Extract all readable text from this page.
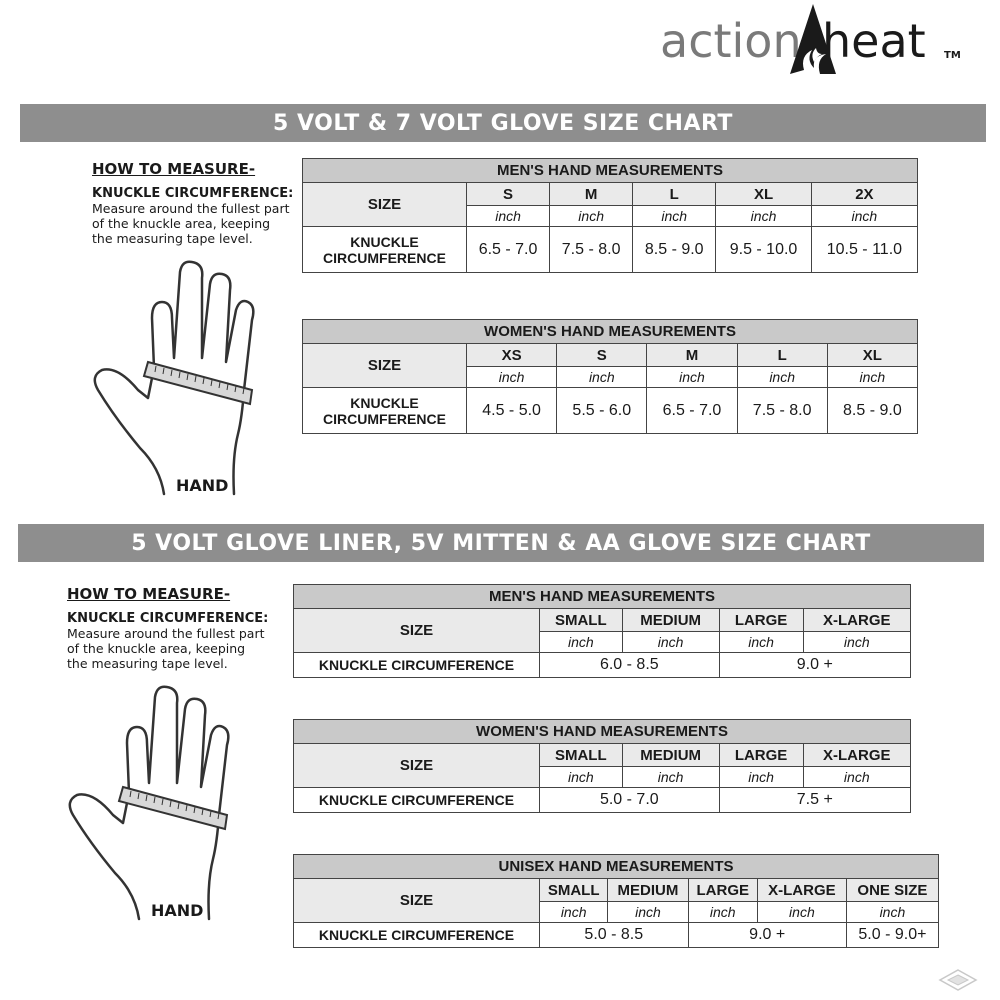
action heat TM
5 VOLT & 7 VOLT GLOVE SIZE CHART
HOW TO MEASURE-
KNUCKLE CIRCUMFERENCE:
Measure around the fullest part of the knuckle area, keeping the measuring tape level.
HAND
MEN'S HAND MEASUREMENTS					
SIZE	S	M	L	XL	2X
	inch	inch	inch	inch	inch
KNUCKLE
CIRCUMFERENCE	6.5 - 7.0	7.5 - 8.0	8.5 - 9.0	9.5 - 10.0	10.5 - 11.0
WOMEN'S HAND MEASUREMENTS					
SIZE	XS	S	M	L	XL
	inch	inch	inch	inch	inch
KNUCKLE
CIRCUMFERENCE	4.5 - 5.0	5.5 - 6.0	6.5 - 7.0	7.5 - 8.0	8.5 - 9.0
5 VOLT GLOVE LINER, 5V MITTEN & AA GLOVE SIZE CHART
HOW TO MEASURE-
KNUCKLE CIRCUMFERENCE:
Measure around the fullest part of the knuckle area, keeping the measuring tape level.
HAND
MEN'S HAND MEASUREMENTS				
SIZE	SMALL	MEDIUM	LARGE	X-LARGE
	inch	inch	inch	inch
KNUCKLE CIRCUMFERENCE	6.0 - 8.5		9.0 +	
WOMEN'S HAND MEASUREMENTS				
SIZE	SMALL	MEDIUM	LARGE	X-LARGE
	inch	inch	inch	inch
KNUCKLE CIRCUMFERENCE	5.0 - 7.0		7.5 +	
UNISEX HAND MEASUREMENTS					
SIZE	SMALL	MEDIUM	LARGE	X-LARGE	ONE SIZE
	inch	inch	inch	inch	inch
KNUCKLE CIRCUMFERENCE	5.0 - 8.5		9.0 +		5.0 - 9.0+
